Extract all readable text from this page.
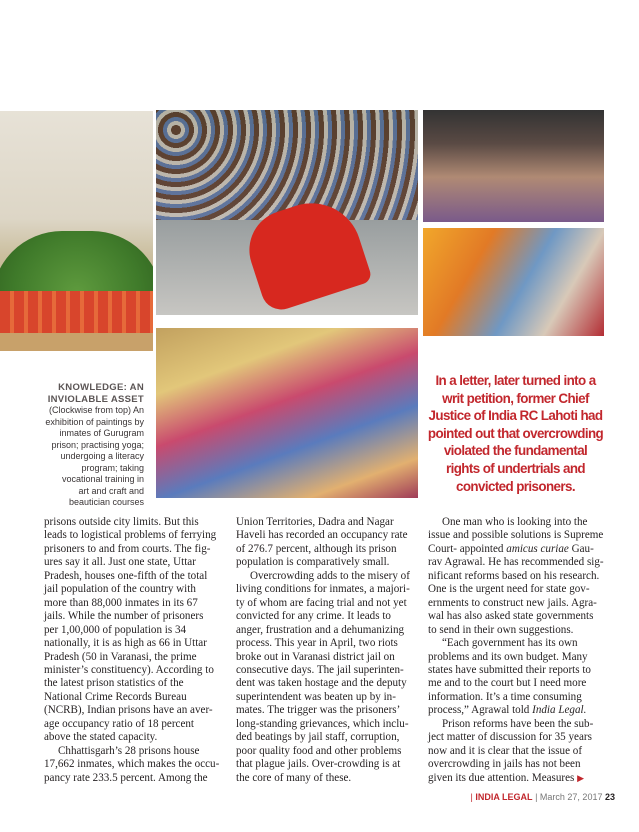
KNOWLEDGE: AN INVIOLABLE ASSET
(Clockwise from top) An
exhibition of paintings by
inmates of Gurugram
prison; practising yoga;
undergoing a literacy
program; taking
vocational training in
art and craft and
beautician courses
In a letter, later turned into a
writ petition, former Chief
Justice of India RC Lahoti had
pointed out that overcrowding
violated the fundamental
rights of undertrials and
convicted prisoners.

prisons outside city limits. But this

leads to logistical problems of ferrying

prisoners to and from courts. The fig-

ures say it all. Just one state, Uttar

Pradesh, houses one-fifth of the total

jail population of the country with

more than 88,000 inmates in its 67

jails. While the number of prisoners

per 1,00,000 of population is 34

nationally, it is as high as 66 in Uttar

Pradesh (50 in Varanasi, the prime

minister’s constituency). According to

the latest prison statistics of the

National Crime Records Bureau

(NCRB), Indian prisons have an aver-

age occupancy ratio of 18 percent

above the stated capacity.

Chhattisgarh’s 28 prisons house

17,662 inmates, which makes the occu-

pancy rate 233.5 percent. Among the

Union Territories, Dadra and Nagar

Haveli has recorded an occupancy rate

of 276.7 percent, although its prison

population is comparatively small.

Overcrowding adds to the misery of

living conditions for inmates, a majori-

ty of whom are facing trial and not yet

convicted for any crime. It leads to

anger, frustration and a dehumanizing

process. This year in April, two riots

broke out in Varanasi district jail on

consecutive days. The jail superinten-

dent was taken hostage and the deputy

superintendent was beaten up by in-

mates. The trigger was the prisoners’

long-standing grievances, which inclu-

ded beatings by jail staff, corruption,

poor quality food and other problems

that plague jails. Over-crowding is at

the core of many of these.

One man who is looking into the

issue and possible solutions is Supreme

Court- appointed amicus curiae Gau-

rav Agrawal. He has recommended sig-

nificant reforms based on his research.

One is the urgent need for state gov-

ernments to construct new jails. Agra-

wal has also asked state governments

to send in their own suggestions.

“Each government has its own

problems and its own budget. Many

states have submitted their reports to

me and to the court but I need more

information. It’s a time consuming

process,” Agrawal told India Legal.

Prison reforms have been the sub-

ject matter of discussion for 35 years

now and it is clear that the issue of

overcrowding in jails has not been

given its due attention. Measures ▶

| INDIA LEGAL | March 27, 2017 23
